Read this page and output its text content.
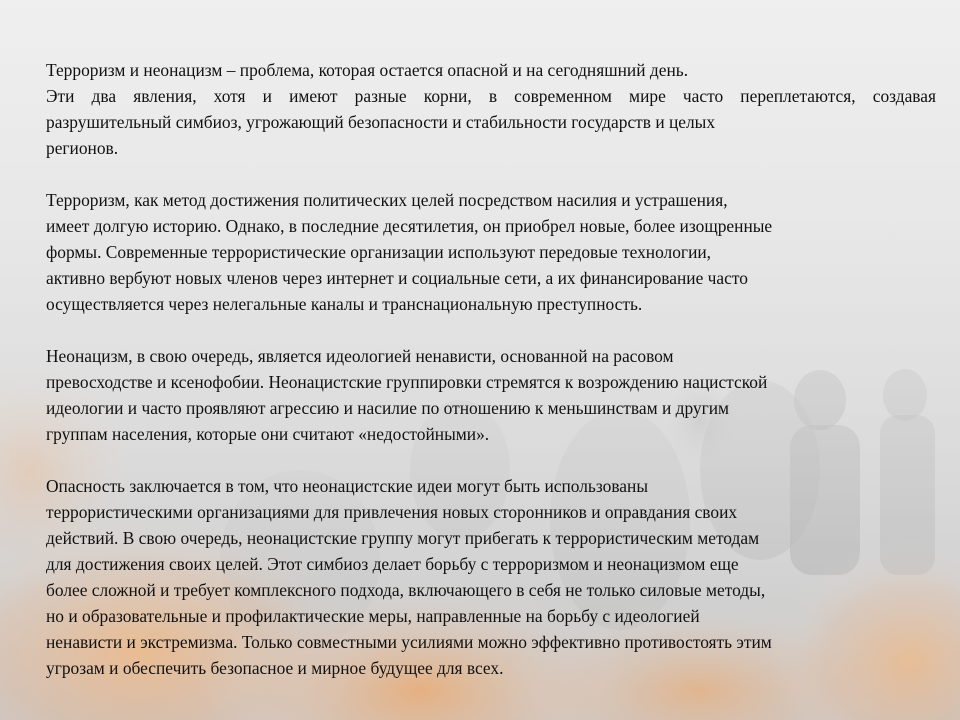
Терроризм и неонацизм – проблема, которая остается опасной и на сегодняшний день.
Эти два явления, хотя и имеют разные корни, в современном мире часто переплетаются, создавая
разрушительный симбиоз, угрожающий безопасности и стабильности государств и целых
регионов.
Терроризм, как метод достижения политических целей посредством насилия и устрашения,
имеет долгую историю. Однако, в последние десятилетия, он приобрел новые, более изощренные
формы. Современные террористические организации используют передовые технологии,
активно вербуют новых членов через интернет и социальные сети, а их финансирование часто
осуществляется через нелегальные каналы и транснациональную преступность.
Неонацизм, в свою очередь, является идеологией ненависти, основанной на расовом
превосходстве и ксенофобии. Неонацистские группировки стремятся к возрождению нацистской
идеологии и часто проявляют агрессию и насилие по отношению к меньшинствам и другим
группам населения, которые они считают «недостойными».
Опасность заключается в том, что неонацистские идеи могут быть использованы
террористическими организациями для привлечения новых сторонников и оправдания своих
действий. В свою очередь, неонацистские группу могут прибегать к террористическим методам
для достижения своих целей. Этот симбиоз делает борьбу с терроризмом и неонацизмом еще
более сложной и требует комплексного подхода, включающего в себя не только силовые методы,
но и образовательные и профилактические меры, направленные на борьбу с идеологией
ненависти и экстремизма. Только совместными усилиями можно эффективно противостоять этим
угрозам и обеспечить безопасное и мирное будущее для всех.
